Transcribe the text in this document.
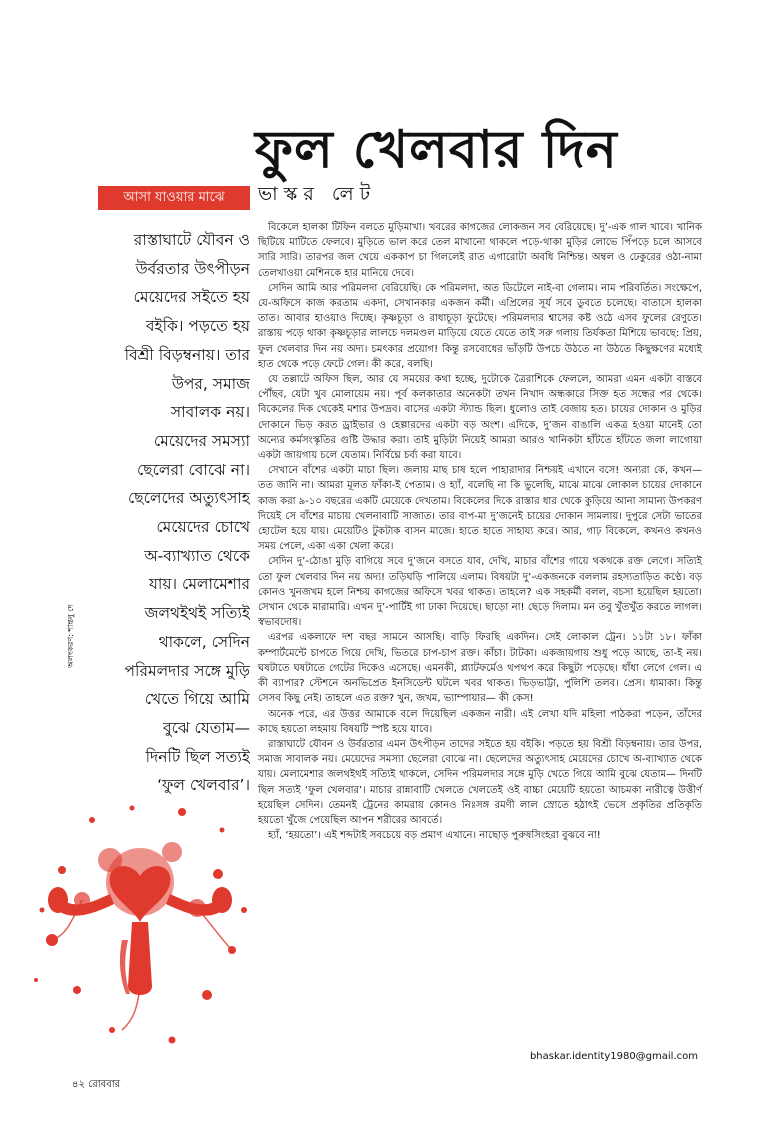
ফুল খেলবার দিন
ভাস্কর লেট
আসা যাওয়ার মাঝে
রাস্তাঘাটে যৌবন ও
উর্বরতার উৎপীড়ন
মেয়েদের সইতে হয়
বইকি। পড়তে হয়
বিশ্রী বিড়ম্বনায়। তার
উপর, সমাজ
সাবালক নয়।
মেয়েদের সমস্যা
ছেলেরা বোঝে না।
ছেলেদের অত্যুৎসাহ
মেয়েদের চোখে
অ-ব্যাখ্যাত থেকে
যায়। মেলামেশার
জলথইথই সত্যিই
থাকলে, সেদিন
পরিমলদার সঙ্গে মুড়ি
খেতে গিয়ে আমি
বুঝে যেতাম—
দিনটি ছিল সত্যই
‘ফুল খেলবার’।
অলংকরণ: শান্তনু দে

বিকেলে হালকা টিফিন বলতে মুড়িমাখা। খবরের কাগজের লোকজন সব বেরিয়েছে। দু’-এক গাল খাবে। খানিক ছিটিয়ে মাটিতে ফেলবে। মুড়িতে ভাল করে তেল মাখানো থাকলে পড়ে-থাকা মুড়ির লোভে পিঁপড়ে চলে আসবে সারি সারি। তারপর জল খেয়ে এককাপ চা গিললেই রাত এগারোটা অবধি নিশ্চিন্ত। অম্বল ও ঢেকুরের ওঠা-নামা তেলখাওয়া মেশিনকে হার মানিয়ে দেবে।

সেদিন আমি আর পরিমলদা বেরিয়েছি। কে পরিমলদা, অত ডিটেলে নাই-বা গেলাম। নাম পরিবর্তিত। সংক্ষেপে, যে-অফিসে কাজ করতাম একদা, সেখানকার একজন কর্মী। এপ্রিলের সূর্য সবে ডুবতে চলেছে। বাতাসে হালকা তাত। আবার হাওয়াও দিচ্ছে। কৃষ্ণচূড়া ও রাধাচূড়া ফুটেছে। পরিমলদার শ্বাসের কষ্ট ওঠে এসব ফুলের রেণুতে। রাস্তায় পড়ে থাকা কৃষ্ণচূড়ার লালচে দলমণ্ডল মাড়িয়ে যেতে যেতে তাই সরু গলায় তির্যকতা মিশিয়ে ভাবছে: প্রিয়, ফুল খেলবার দিন নয় অদ্য। চমৎকার প্রয়োগ! কিন্তু রসবোধের ভাঁড়টি উপচে উঠতে না উঠতে কিছুক্ষণের মধ্যেই হাত থেকে পড়ে ফেটে গেল। কী করে, বলছি।

যে তল্লাটে অফিস ছিল, আর যে সময়ের কথা হচ্ছে, দুটোকে ত্রৈরাশিকে ফেললে, আমরা এমন একটা বাস্তবে পৌঁছব, যেটা খুব মোলায়েম নয়। পূর্ব কলকাতার অনেকটা তখন নিখাদ অন্ধকারে সিক্ত হত সন্ধের পর থেকে। বিকেলের দিক থেকেই মশার উপদ্রব। বাসের একটা স্ট্যান্ড ছিল। ধুলোও তাই বেজায় হত। চায়ের দোকান ও মুড়ির দোকানে ভিড় করত ড্রাইভার ও হেল্পারদের একটা বড় অংশ। এদিকে, দু’জন বাঙালি একত্র হওয়া মানেই তো অন্যের কর্মসংস্কৃতির গুষ্টি উদ্ধার করা। তাই মুড়িটা নিয়েই আমরা আরও খানিকটা হাঁটতে হাঁটতে জলা লাগোয়া একটা জায়গায় চলে যেতাম। নির্বিঘ্নে চর্ব্য করা যাবে।

সেখানে বাঁশের একটা মাচা ছিল। জলায় মাছ চাষ হলে পাহারাদার নিশ্চয়ই এখানে বসে! অন্যরা কে, কখন— তত জানি না। আমরা মূলত ফাঁকা-ই পেতাম। ও হ্যাঁ, বলেছি না কি ভুলেছি, মাঝে মাঝে লোকাল চায়ের দোকানে কাজ করা ৯-১০ বছরের একটি মেয়েকে দেখতাম। বিকেলের দিকে রাস্তার ধার থেকে কুড়িয়ে আনা সামান্য উপকরণ দিয়েই সে বাঁশের মাচায় খেলনাবাটি সাজাত। তার বাপ-মা দু’জনেই চায়ের দোকান সামলায়। দুপুরে সেটা ভাতের হোটেল হয়ে যায়। মেয়েটিও টুকটাক বাসন মাজে। হাতে হাতে সাহায্য করে। আর, গাঢ় বিকেলে, কখনও কখনও সময় পেলে, একা একা খেলা করে।

সেদিন দু’-ঠোঙা মুড়ি বাগিয়ে সবে দু’জনে বসতে যাব, দেখি, মাচার বাঁশের গায়ে থকথকে রক্ত লেগে। সত্যিই তো ফুল খেলবার দিন নয় অদ্য! তড়িঘড়ি পালিয়ে এলাম। বিষয়টা দু’-একজনকে বললাম রহস্যতাড়িত কণ্ঠে। বড় কোনও খুনজখম হলে নিশ্চয় কাগজের অফিসে খবর থাকত। তাহলে? এক সহকর্মী বলল, বচসা হয়েছিল হয়তো। সেখান থেকে মারামারি। এখন দু’-পার্টিই গা ঢাকা দিয়েছে। ছাড়ো না! ছেড়ে দিলাম। মন তবু খুঁতখুঁত করতে লাগল। স্বভাবদোষ।

এরপর একলাফে দশ বছর সামনে আসছি। বাড়ি ফিরছি একদিন। সেই লোকাল ট্রেন। ১১টা ১৮। ফাঁকা কম্পার্টমেন্টে চাপতে গিয়ে দেখি, ভিতরে চাপ-চাপ রক্ত। কাঁচা। টাটকা। একজায়গায় শুধু পড়ে আছে, তা-ই নয়। ঘষটাতে ঘষটাতে গেটের দিকেও এসেছে। এমনকী, প্ল্যাটফর্মেও থপথপ করে কিছুটা পড়েছে। ধাঁধা লেগে গেল। এ কী ব্যাপার? স্টেশনে অনভিপ্রেত ইনসিডেন্ট ঘটলে খবর থাকত। ভিড়ভাট্টা, পুলিশি তলব। প্রেস। ধামাকা। কিন্তু সেসব কিছু নেই। তাহলে এত রক্ত? খুন, জখম, ভ্যাম্পায়ার— কী কেস!

অনেক পরে, এর উত্তর আমাকে বলে দিয়েছিল একজন নারী। এই লেখা যদি মহিলা পাঠকরা পড়েন, তাঁদের কাছে হয়তো লহমায় বিষয়টি স্পষ্ট হয়ে যাবে।

রাস্তাঘাটে যৌবন ও উর্বরতার এমন উৎপীড়ন তাদের সইতে হয় বইকি। পড়তে হয় বিশ্রী বিড়ম্বনায়। তার উপর, সমাজ সাবালক নয়। মেয়েদের সমস্যা ছেলেরা বোঝে না। ছেলেদের অত্যুৎসাহ মেয়েদের চোখে অ-ব্যাখ্যাত থেকে যায়। মেলামেশার জলথইথই সত্যিই থাকলে, সেদিন পরিমলদার সঙ্গে মুড়ি খেতে গিয়ে আমি বুঝে যেতাম— দিনটি ছিল সত্যই ‘ফুল খেলবার’। মাচার রান্নাবাটি খেলতে খেলতেই ওই বাচ্চা মেয়েটি হয়তো আচমকা নারীত্বে উত্তীর্ণ হয়েছিল সেদিন। তেমনই ট্রেনের কামরায় কোনও নিঃসঙ্গ রমণী লাল স্রোতে হঠাৎই ভেসে প্রকৃতির প্রতিকৃতি হয়তো খুঁজে পেয়েছিল আপন শরীরের আবর্তে।

হ্যাঁ, ‘হয়তো’। এই শব্দটাই সবচেয়ে বড় প্রমাণ এখানে। নাছোড় পুরুষসিংহরা বুঝবে না!

bhaskar.identity1980@gmail.com
৪২ রোববার
